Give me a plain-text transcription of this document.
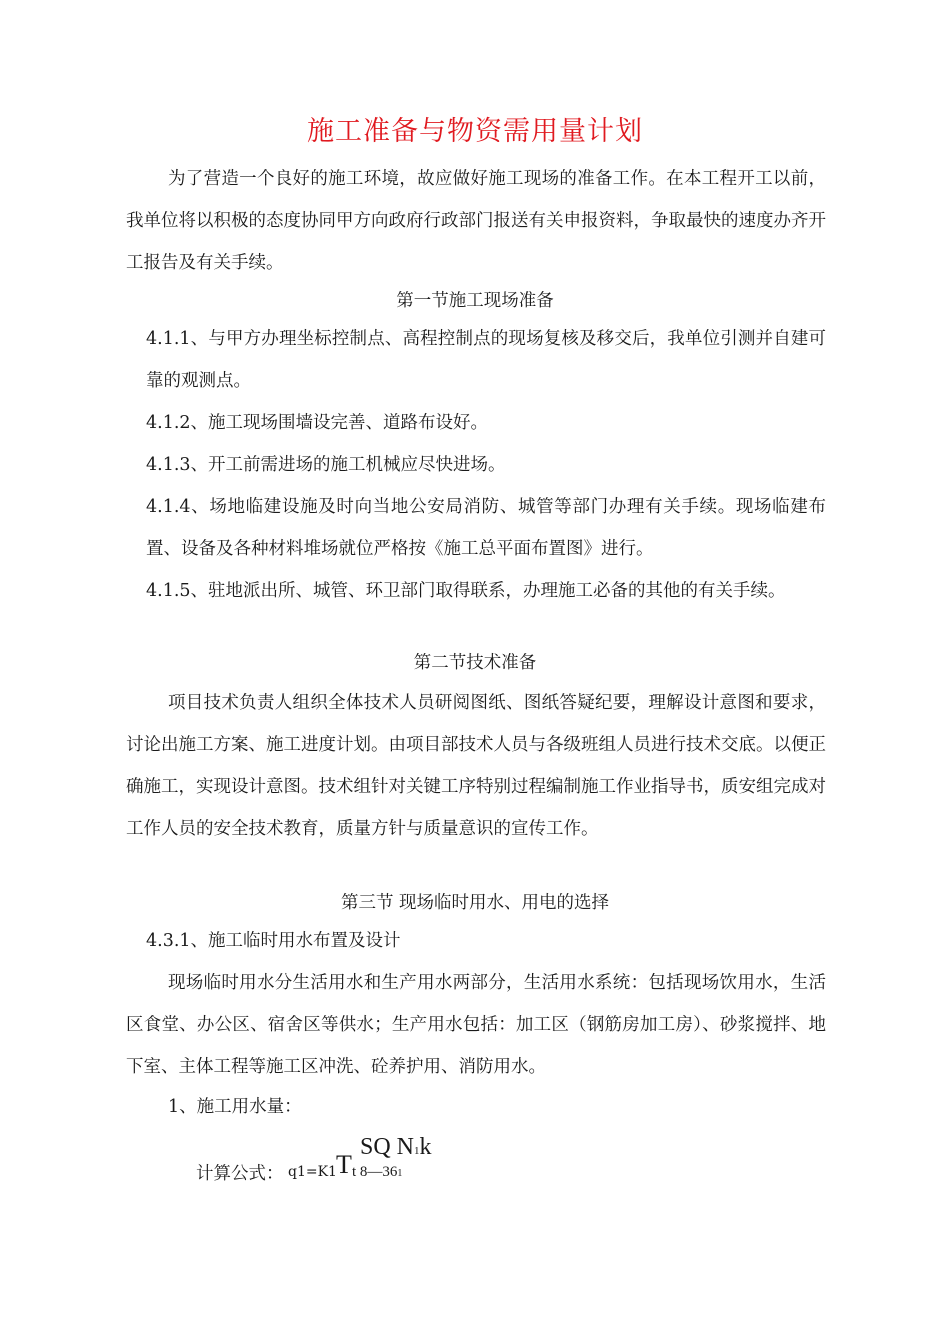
施工准备与物资需用量计划
为了营造一个良好的施工环境，故应做好施工现场的准备工作。在本工程开工以前，我单位将以积极的态度协同甲方向政府行政部门报送有关申报资料，争取最快的速度办齐开工报告及有关手续。
第一节施工现场准备
4.1.1、与甲方办理坐标控制点、高程控制点的现场复核及移交后，我单位引测并自建可靠的观测点。
4.1.2、施工现场围墙设完善、道路布设好。
4.1.3、开工前需进场的施工机械应尽快进场。
4.1.4、场地临建设施及时向当地公安局消防、城管等部门办理有关手续。现场临建布置、设备及各种材料堆场就位严格按《施工总平面布置图》进行。
4.1.5、驻地派出所、城管、环卫部门取得联系，办理施工必备的其他的有关手续。
第二节技术准备
项目技术负责人组织全体技术人员研阅图纸、图纸答疑纪要，理解设计意图和要求，讨论出施工方案、施工进度计划。由项目部技术人员与各级班组人员进行技术交底。以便正确施工，实现设计意图。技术组针对关键工序特别过程编制施工作业指导书，质安组完成对工作人员的安全技术教育，质量方针与质量意识的宣传工作。
第三节 现场临时用水、用电的选择
4.3.1、施工临时用水布置及设计
现场临时用水分生活用水和生产用水两部分，生活用水系统：包括现场饮用水，生活区食堂、办公区、宿舍区等供水；生产用水包括：加工区（钢筋房加工房）、砂浆搅拌、地下室、主体工程等施工区冲洗、砼养护用、消防用水。
1、施工用水量：
计算公式： q1=K1 T t 8—361
SQ N1k
